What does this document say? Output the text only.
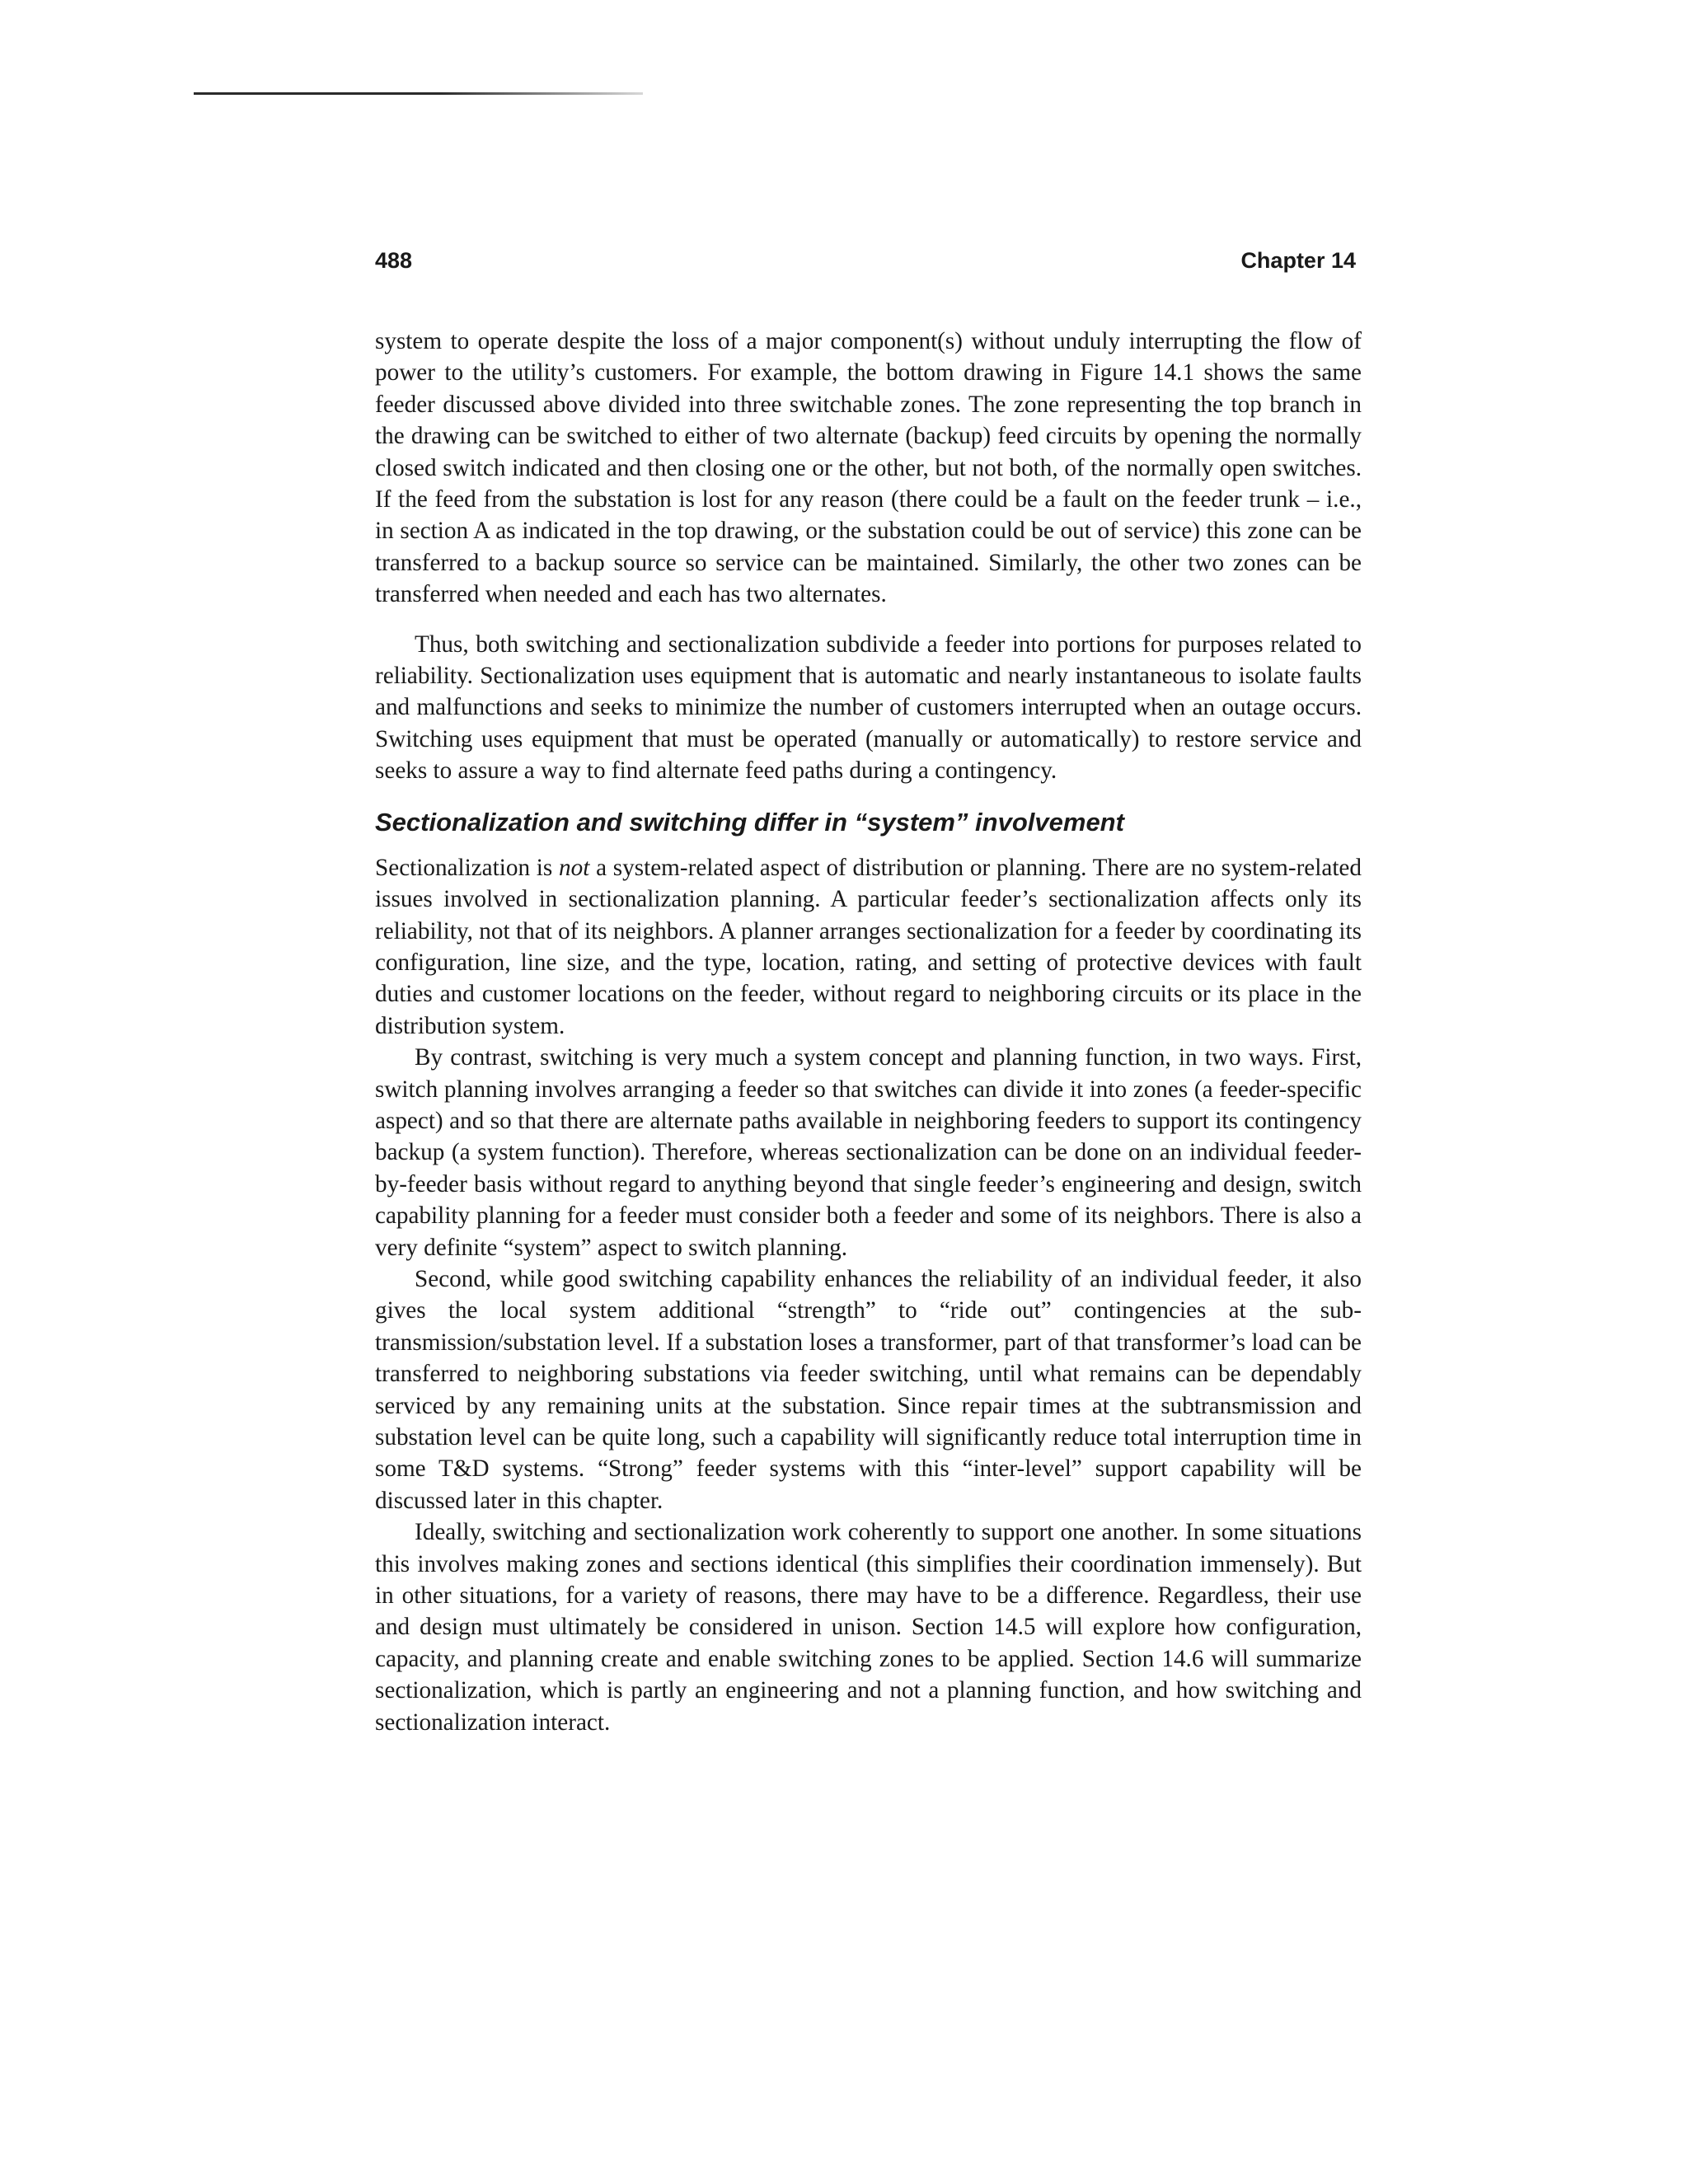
488	Chapter 14

system to operate despite the loss of a major component(s) without unduly interrupting the flow of power to the utility’s customers. For example, the bottom drawing in Figure 14.1 shows the same feeder discussed above divided into three switchable zones. The zone representing the top branch in the drawing can be switched to either of two alternate (backup) feed circuits by opening the normally closed switch indicated and then closing one or the other, but not both, of the normally open switches. If the feed from the substation is lost for any reason (there could be a fault on the feeder trunk – i.e., in section A as indicated in the top drawing, or the substation could be out of service) this zone can be transferred to a backup source so service can be maintained. Similarly, the other two zones can be transferred when needed and each has two alternates.

Thus, both switching and sectionalization subdivide a feeder into portions for purposes related to reliability. Sectionalization uses equipment that is automatic and nearly instantaneous to isolate faults and malfunctions and seeks to minimize the number of customers interrupted when an outage occurs. Switching uses equipment that must be operated (manually or automatically) to restore service and seeks to assure a way to find alternate feed paths during a contingency.

Sectionalization and switching differ in “system” involvement

Sectionalization is not a system-related aspect of distribution or planning. There are no system-related issues involved in sectionalization planning. A particular feeder’s sectionalization affects only its reliability, not that of its neighbors. A planner arranges sectionalization for a feeder by coordinating its configuration, line size, and the type, location, rating, and setting of protective devices with fault duties and customer locations on the feeder, without regard to neighboring circuits or its place in the distribution system.

By contrast, switching is very much a system concept and planning function, in two ways. First, switch planning involves arranging a feeder so that switches can divide it into zones (a feeder-specific aspect) and so that there are alternate paths available in neighboring feeders to support its contingency backup (a system function). Therefore, whereas sectionalization can be done on an individual feeder-by-feeder basis without regard to anything beyond that single feeder’s engineering and design, switch capability planning for a feeder must consider both a feeder and some of its neighbors. There is also a very definite “system” aspect to switch planning.

Second, while good switching capability enhances the reliability of an individual feeder, it also gives the local system additional “strength” to “ride out” contingencies at the sub-transmission/substation level. If a substation loses a transformer, part of that transformer’s load can be transferred to neighboring substations via feeder switching, until what remains can be dependably serviced by any remaining units at the substation. Since repair times at the subtransmission and substation level can be quite long, such a capability will significantly reduce total interruption time in some T&D systems. “Strong” feeder systems with this “inter-level” support capability will be discussed later in this chapter.

Ideally, switching and sectionalization work coherently to support one another. In some situations this involves making zones and sections identical (this simplifies their coordination immensely). But in other situations, for a variety of reasons, there may have to be a difference. Regardless, their use and design must ultimately be considered in unison. Section 14.5 will explore how configuration, capacity, and planning create and enable switching zones to be applied. Section 14.6 will summarize sectionalization, which is partly an engineering and not a planning function, and how switching and sectionalization interact.
